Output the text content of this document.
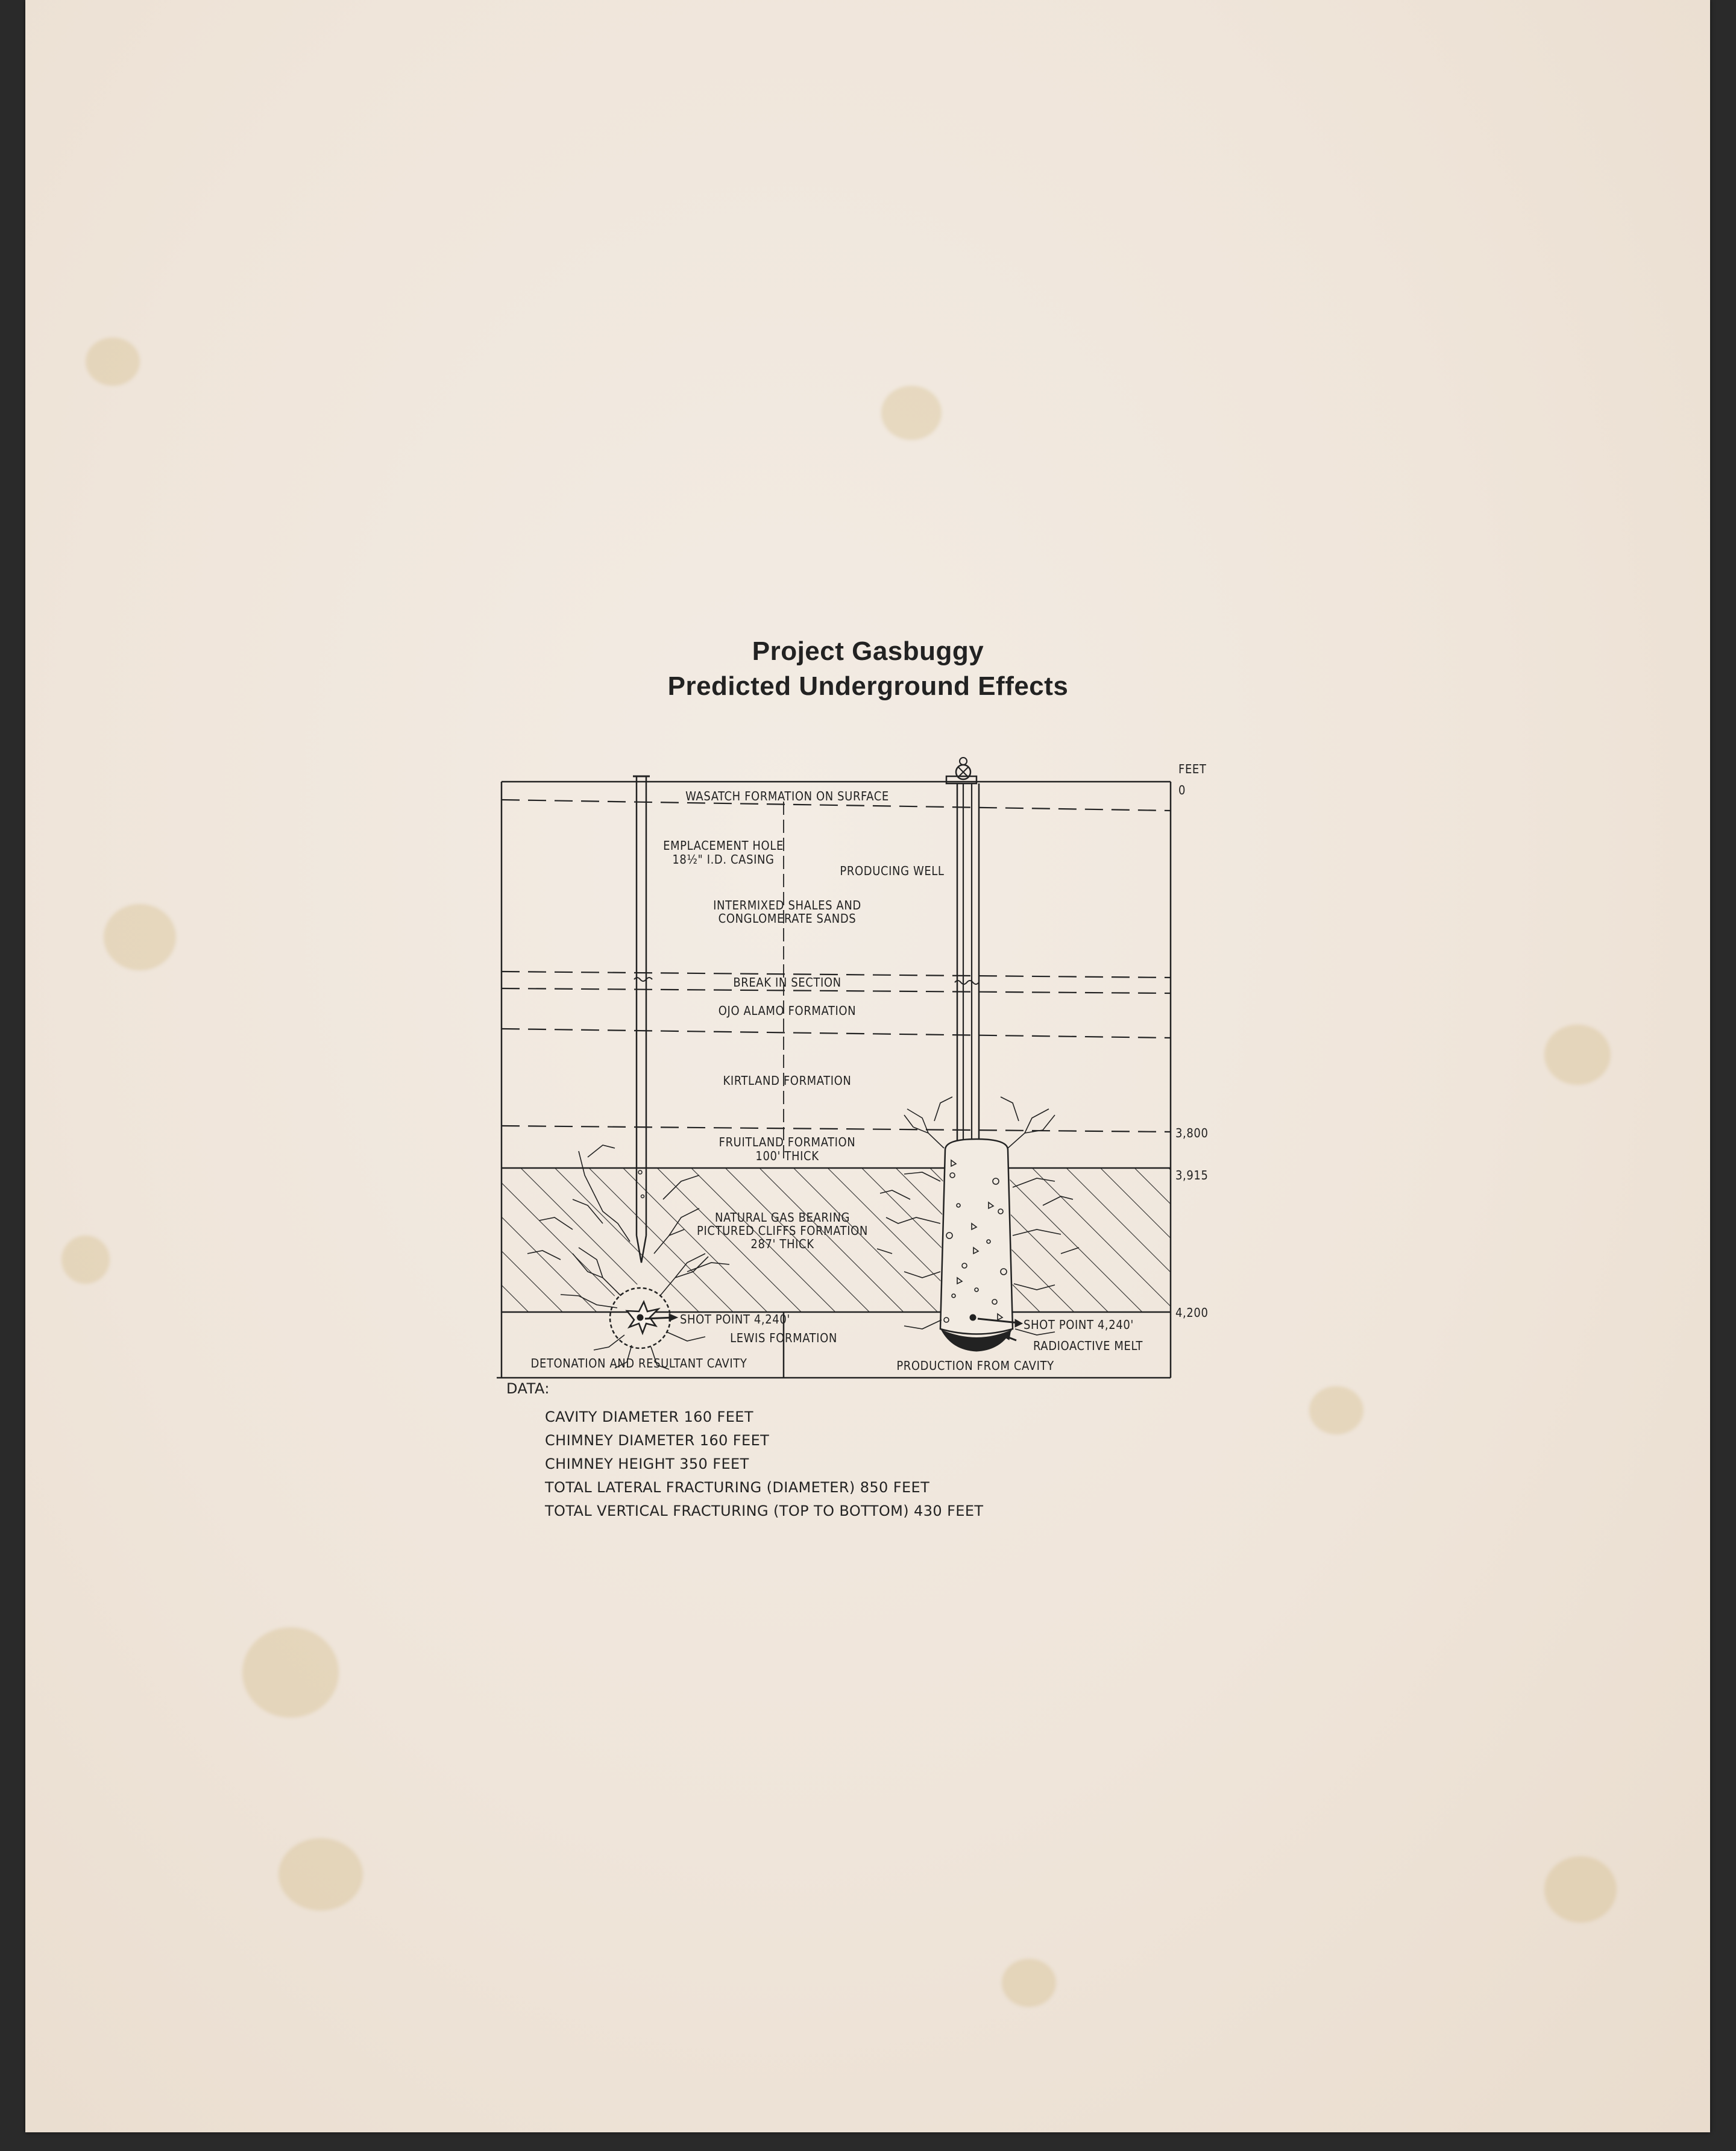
Project Gasbuggy
Predicted Underground Effects
FEET
0
3,800
3,915
4,200
WASATCH FORMATION ON SURFACE
EMPLACEMENT HOLE
18½" I.D. CASING
PRODUCING WELL
INTERMIXED SHALES AND
CONGLOMERATE SANDS
BREAK IN SECTION
OJO ALAMO FORMATION
KIRTLAND FORMATION
FRUITLAND FORMATION
100' THICK
NATURAL GAS BEARING
PICTURED CLIFFS FORMATION
287' THICK
SHOT POINT 4,240'
LEWIS FORMATION
SHOT POINT 4,240'
RADIOACTIVE MELT
DETONATION AND RESULTANT CAVITY	PRODUCTION FROM CAVITY
DATA:
CAVITY DIAMETER 160 FEET
CHIMNEY DIAMETER 160 FEET
CHIMNEY HEIGHT 350 FEET
TOTAL LATERAL FRACTURING (DIAMETER) 850 FEET
TOTAL VERTICAL FRACTURING (TOP TO BOTTOM) 430 FEET
